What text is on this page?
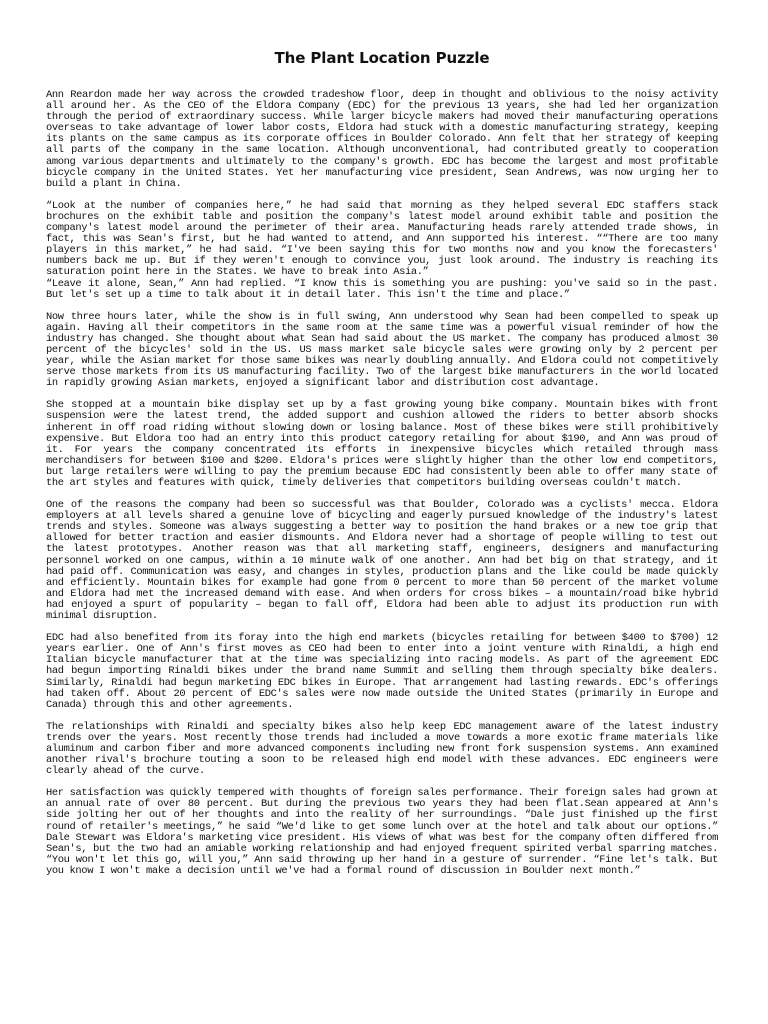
The Plant Location Puzzle

Ann Reardon made her way across the crowded tradeshow floor, deep in thought and oblivious to the noisy activity all around her. As the CEO of the Eldora Company (EDC) for the previous 13 years, she had led her organization through the period of extraordinary success. While larger bicycle makers had moved their manufacturing operations overseas to take advantage of lower labor costs, Eldora had stuck with a domestic manufacturing strategy, keeping its plants on the same campus as its corporate offices in Boulder Colorado. Ann felt that her strategy of keeping all parts of the company in the same location. Although unconventional, had contributed greatly to cooperation among various departments and ultimately to the company's growth. EDC has become the largest and most profitable bicycle company in the United States. Yet her manufacturing vice president, Sean Andrews, was now urging her to build a plant in China.

“Look at the number of companies here,” he had said that morning as they helped several EDC staffers stack brochures on the exhibit table and position the company's latest model around exhibit table and position the company's latest model around the perimeter of their area. Manufacturing heads rarely attended trade shows, in fact, this was Sean's first, but he had wanted to attend, and Ann supported his interest. ““There are too many players in this market,” he had said. “I've been saying this for two months now and you know the forecasters' numbers back me up. But if they weren't enough to convince you, just look around. The industry is reaching its saturation point here in the States. We have to break into Asia.”
“Leave it alone, Sean,” Ann had replied. “I know this is something you are pushing: you've said so in the past. But let's set up a time to talk about it in detail later. This isn't the time and place.”

Now three hours later, while the show is in full swing, Ann understood why Sean had been compelled to speak up again. Having all their competitors in the same room at the same time was a powerful visual reminder of how the industry has changed. She thought about what Sean had said about the US market. The company has produced almost 30 percent of the bicycles' sold in the US. US mass market sale bicycle sales were growing only by 2 percent per year, while the Asian market for those same bikes was nearly doubling annually. And Eldora could not competitively serve those markets from its US manufacturing facility. Two of the largest bike manufacturers in the world located in rapidly growing Asian markets, enjoyed a significant labor and distribution cost advantage.

She stopped at a mountain bike display set up by a fast growing young bike company. Mountain bikes with front suspension were the latest trend, the added support and cushion allowed the riders to better absorb shocks inherent in off road riding without slowing down or losing balance. Most of these bikes were still prohibitively expensive. But Eldora too had an entry into this product category retailing for about $190, and Ann was proud of it. For years the company concentrated its efforts in inexpensive bicycles which retailed through mass merchandisers for between $100 and $200. Eldora's prices were slightly higher than the other low end competitors, but large retailers were willing to pay the premium because EDC had consistently been able to offer many state of the art styles and features with quick, timely deliveries that competitors building overseas couldn't match.

One of the reasons the company had been so successful was that Boulder, Colorado was a cyclists' mecca. Eldora employers at all levels shared a genuine love of bicycling and eagerly pursued knowledge of the industry's latest trends and styles. Someone was always suggesting a better way to position the hand brakes or a new toe grip that allowed for better traction and easier dismounts. And Eldora never had a shortage of people willing to test out the latest prototypes. Another reason was that all marketing staff, engineers, designers and manufacturing personnel worked on one campus, within a 10 minute walk of one another. Ann had bet big on that strategy, and it had paid off. Communication was easy, and changes in styles, production plans and the like could be made quickly and efficiently. Mountain bikes for example had gone from 0 percent to more than 50 percent of the market volume and Eldora had met the increased demand with ease. And when orders for cross bikes – a mountain/road bike hybrid had enjoyed a spurt of popularity – began to fall off, Eldora had been able to adjust its production run with minimal disruption.

EDC had also benefited from its foray into the high end markets (bicycles retailing for between $400 to $700) 12 years earlier. One of Ann's first moves as CEO had been to enter into a joint venture with Rinaldi, a high end Italian bicycle manufacturer that at the time was specializing into racing models. As part of the agreement EDC had begun importing Rinaldi bikes under the brand name Summit and selling them through specialty bike dealers. Similarly, Rinaldi had begun marketing EDC bikes in Europe. That arrangement had lasting rewards. EDC's offerings had taken off. About 20 percent of EDC's sales were now made outside the United States (primarily in Europe and Canada) through this and other agreements.

The relationships with Rinaldi and specialty bikes also help keep EDC management aware of the latest industry trends over the years. Most recently those trends had included a move towards a more exotic frame materials like aluminum and carbon fiber and more advanced components including new front fork suspension systems. Ann examined another rival's brochure touting a soon to be released high end model with these advances. EDC engineers were clearly ahead of the curve.

Her satisfaction was quickly tempered with thoughts of foreign sales performance. Their foreign sales had grown at an annual rate of over 80 percent. But during the previous two years they had been flat.Sean appeared at Ann's side jolting her out of her thoughts and into the reality of her surroundings. “Dale just finished up the first round of retailer's meetings,” he said “We'd like to get some lunch over at the hotel and talk about our options.” Dale Stewart was Eldora's marketing vice president. His views of what was best for the company often differed from Sean's, but the two had an amiable working relationship and had enjoyed frequent spirited verbal sparring matches. “You won't let this go, will you,” Ann said throwing up her hand in a gesture of surrender. “Fine let's talk. But you know I won't make a decision until we've had a formal round of discussion in Boulder next month.”
